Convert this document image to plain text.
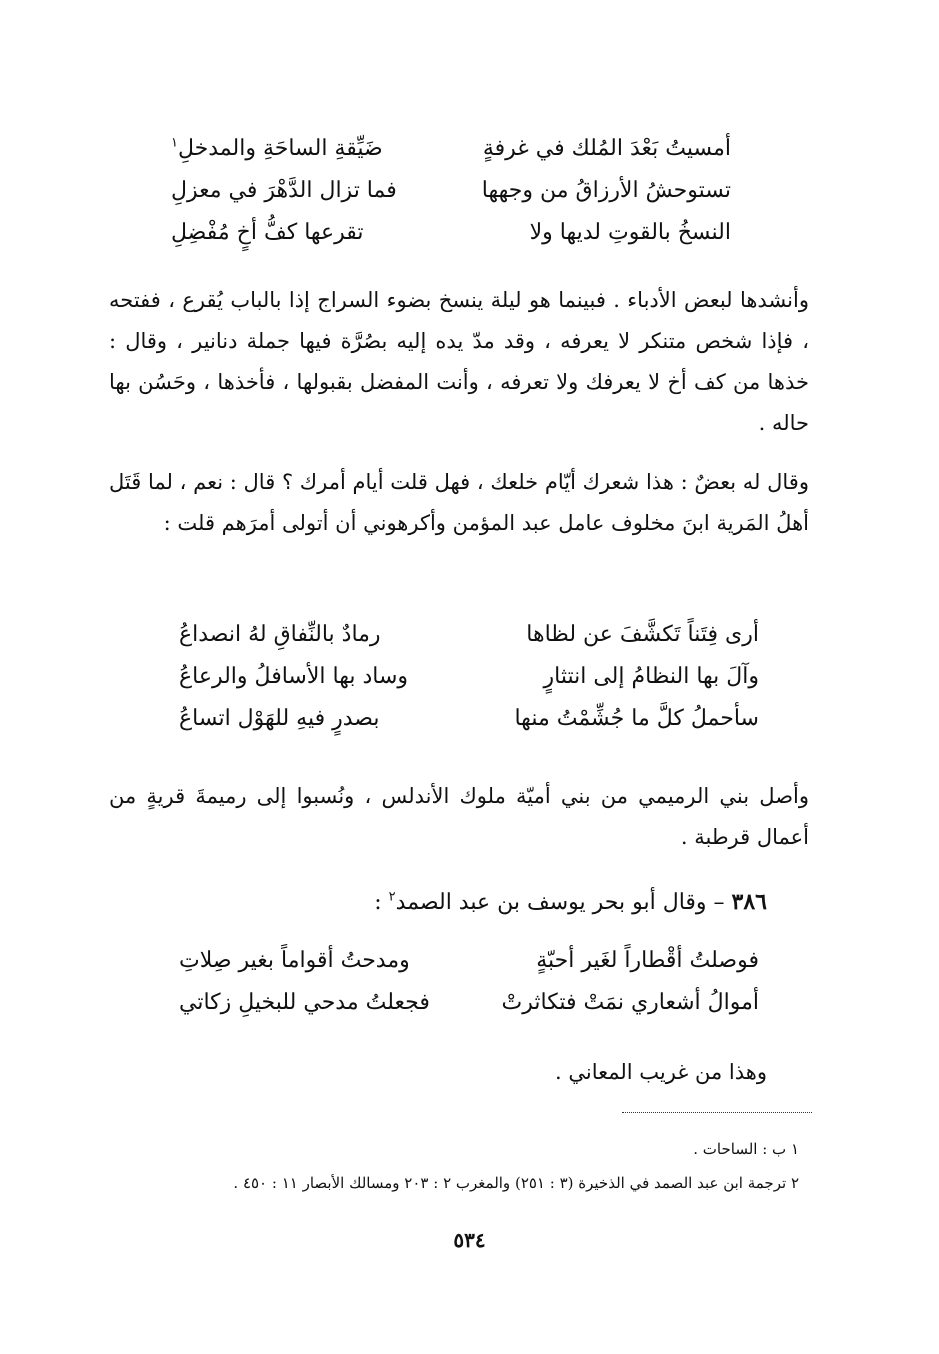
أمسيتُ بَعْدَ المُلك في غرفةٍ
ضَيِّقةِ الساحَةِ والمدخلِ$^١$
تستوحشُ الأرزاقُ من وجهها
فما تزال الدَّهْرَ في معزلِ
النسخُ بالقوتِ لديها ولا
تقرعها كفُّ أخٍ مُفْضِلِ
وأنشدها لبعض الأدباء . فبينما هو ليلة ينسخ بضوء السراج إذا بالباب يُقرع ، ففتحه ، فإذا شخص متنكر لا يعرفه ، وقد مدّ يده إليه بصُرَّة فيها جملة دنانير ، وقال : خذها من كف أخ لا يعرفك ولا تعرفه ، وأنت المفضل بقبولها ، فأخذها ، وحَسُن بها حاله .
وقال له بعضٌ : هذا شعرك أيّام خلعك ، فهل قلت أيام أمرك ؟ قال : نعم ، لما قَتَل أهلُ المَرية ابنَ مخلوف عامل عبد المؤمن وأكرهوني أن أتولى أمرَهم قلت :
أرى فِتَناً تَكشَّفَ عن لظاها
رمادٌ بالنِّفاقِ لهُ انصداعُ
وآلَ بها النظامُ إلى انتثارٍ
وساد بها الأسافلُ والرعاعُ
سأحملُ كلَّ ما جُشِّمْتُ منها
بصدرٍ فيهِ للهَوْل اتساعُ
وأصل بني الرميمي من بني أميّة ملوك الأندلس ، ونُسبوا إلى رميمةَ قريةٍ من أعمال قرطبة .
٣٨٦ – وقال أبو بحر يوسف بن عبد الصمد$^٢$ :
فوصلتُ أقْطاراً لغَير أحبّةٍ
ومدحتُ أقواماً بغير صِلاتِ
أموالُ أشعاري نمَتْ فتكاثرتْ
فجعلتُ مدحي للبخيلِ زكاتي
وهذا من غريب المعاني .
١ ب : الساحات .
٢ ترجمة ابن عبد الصمد في الذخيرة (٣ : ٢٥١) والمغرب ٢ : ٢٠٣ ومسالك الأبصار ١١ : ٤٥٠ .
٥٣٤
